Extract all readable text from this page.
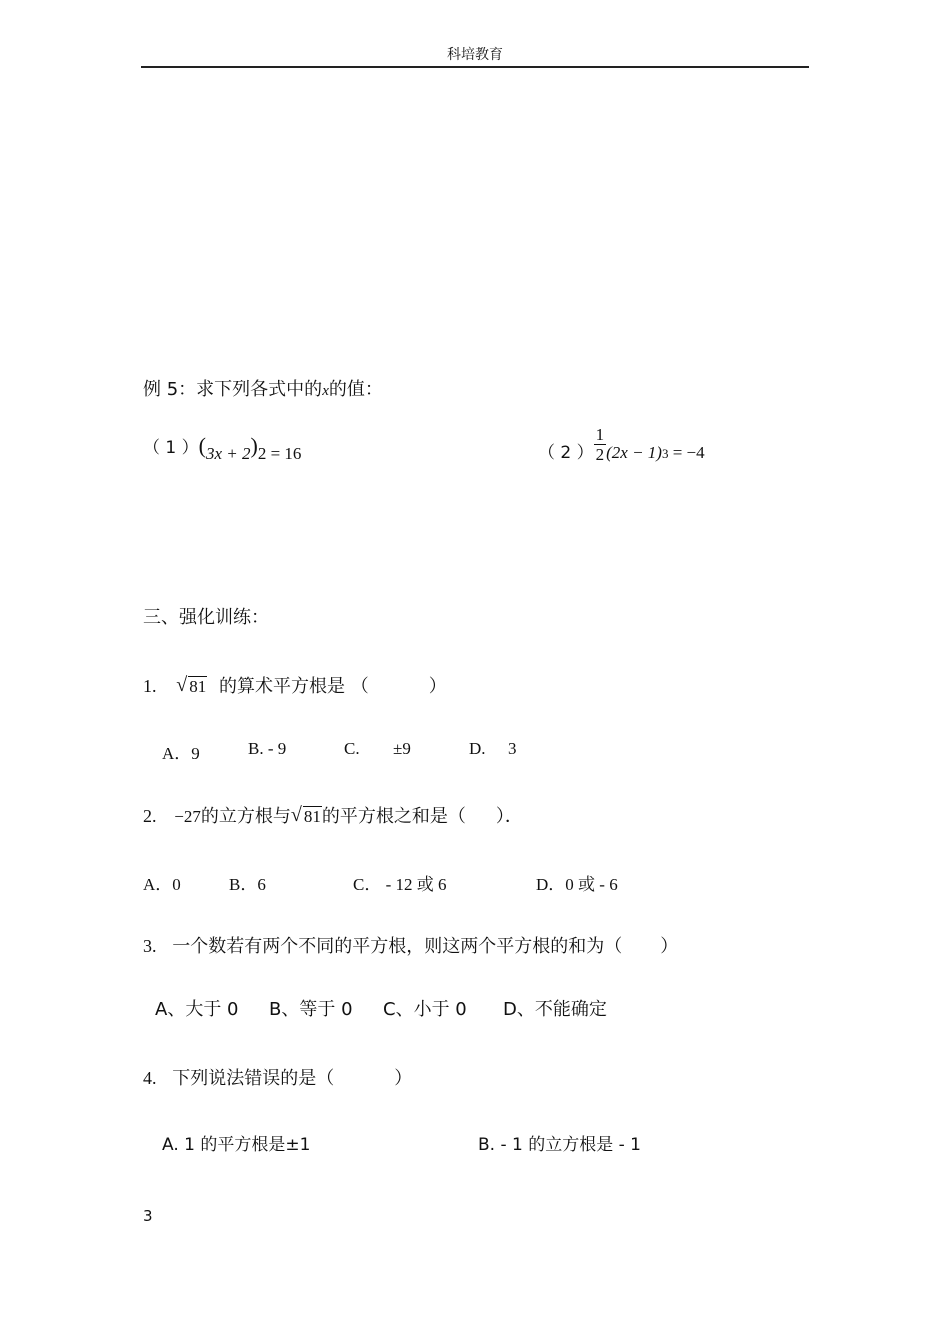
科培教育
例 5：求下列各式中的x的值：
（ 1 ）(3x + 2)2 = 16	（ 2 ） $\frac{1}{2} (2x - 1)3 = -4$
三、强化训练：
1. √ 81 的算术平方根是 （	）
A．9	B. - 9	C. ±9	D. 3
2. −27的立方根与 √ 81的平方根之和是（ ）．
A．0	B．6	C． - 12 或 6	D．0 或 - 6
3. 一个数若有两个不同的平方根，则这两个平方根的和为（ ）
A、大于 0 B、等于 0 C、小于 0 D、不能确定
4. 下列说法错误的是（	）
A. 1 的平方根是±1	B. - 1 的立方根是 - 1
3
